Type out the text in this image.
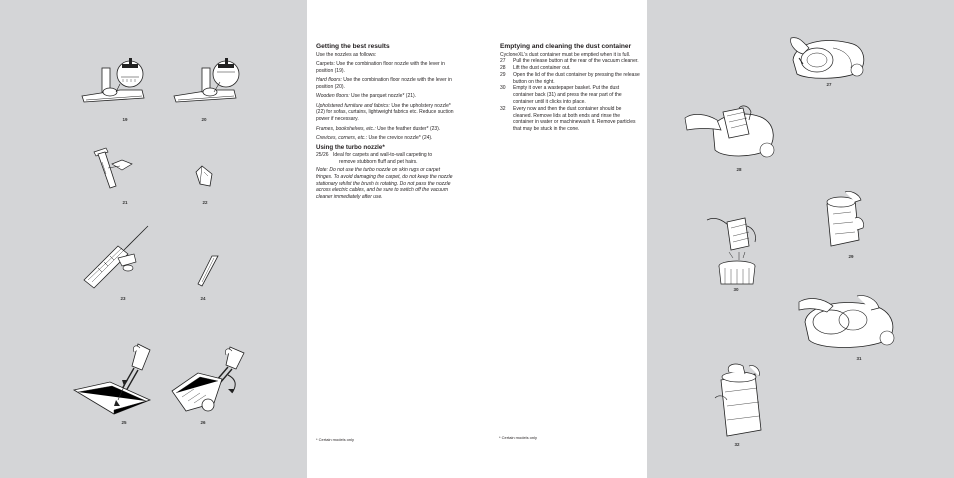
19	20
21	22
23	24
25	26
Getting the best results

Use the nozzles as follows:

Carpets: Use the combination floor nozzle with the lever in position (19).

Hard floors: Use the combination floor nozzle with the lever in position (20).

Wooden floors: Use the parquet nozzle* (21).

Upholstered furniture and fabrics: Use the upholstery nozzle* (22) for sofas, curtains, lightweight fabrics etc. Reduce suction power if necessary.

Frames, bookshelves, etc.: Use the feather duster* (23).

Crevices, corners, etc.: Use the crevice nozzle* (24).

Using the turbo nozzle*
25/26 Ideal for carpets and wall-to-wall carpeting to
remove stubborn fluff and pet hairs.

Note: Do not use the turbo nozzle on skin rugs or carpet fringes. To avoid damaging the carpet, do not keep the nozzle stationary whilst the brush is rotating. Do not pass the nozzle across electric cables, and be sure to switch off the vacuum cleaner immediately after use.

* Certain models only
Emptying and cleaning the dust container

CycloneXL's dust container must be emptied when it is full.

27	Pull the release button at the rear of the vacuum cleaner.
28	Lift the dust container out.
29	Open the lid of the dust container by pressing the release button on the right.
30	Empty it over a wastepaper basket. Put the dust container back (31) and press the rear part of the container until it clicks into place.
32	Every now and then the dust container should be cleaned. Remove lids at both ends and rinse the container in water or machinewash it. Remove particles that may be stuck in the cone.
* Certain models only
27
28
29
30
31
32
